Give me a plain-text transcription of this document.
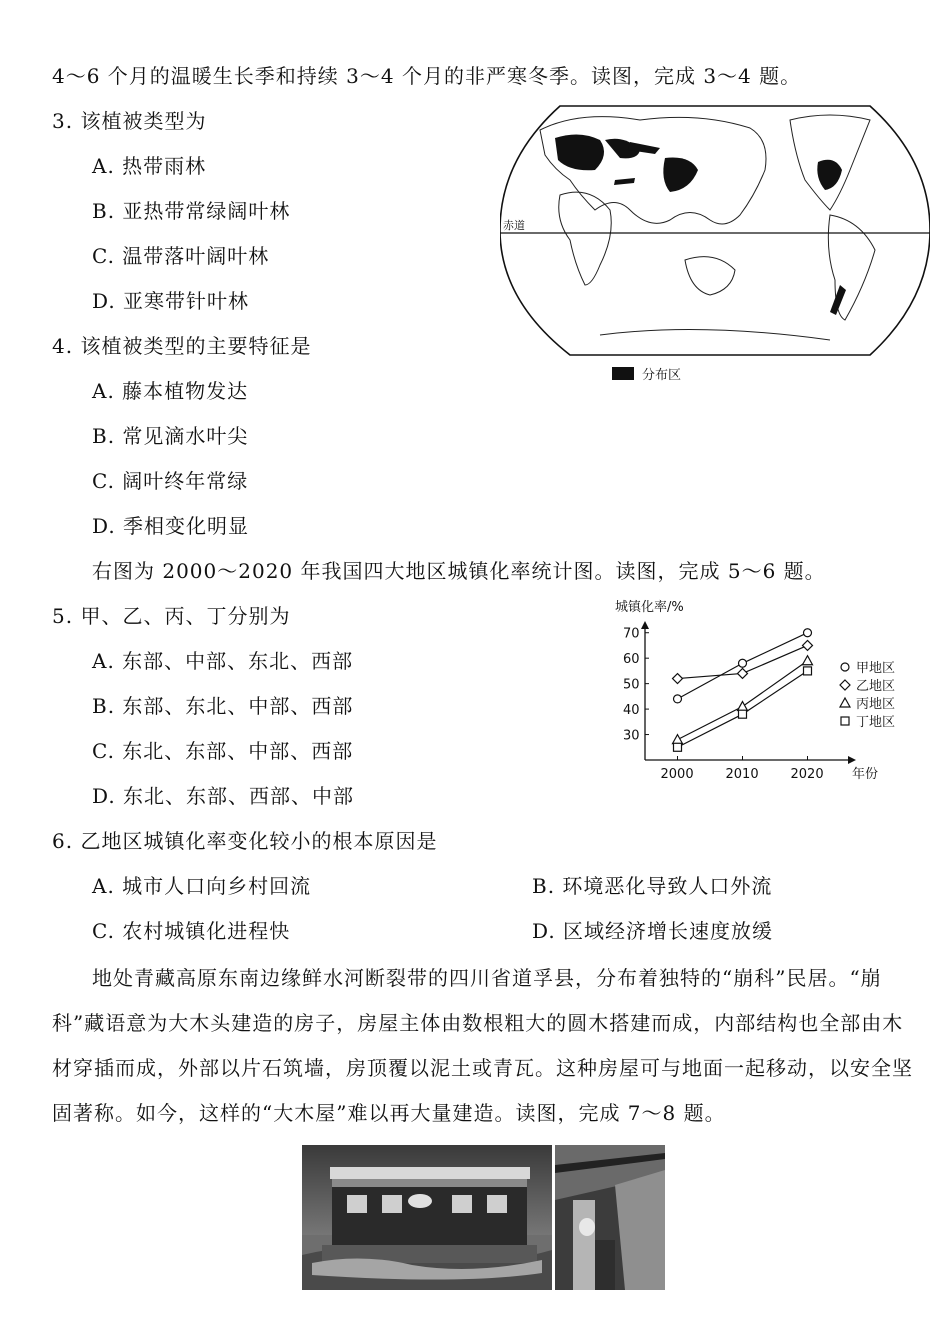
4～6 个月的温暖生长季和持续 3～4 个月的非严寒冬季。读图，完成 3～4 题。
3. 该植被类型为
A. 热带雨林
B. 亚热带常绿阔叶林
C. 温带落叶阔叶林
D. 亚寒带针叶林
4. 该植被类型的主要特征是
A. 藤本植物发达
B. 常见滴水叶尖
C. 阔叶终年常绿
D. 季相变化明显
赤道
分布区
右图为 2000～2020 年我国四大地区城镇化率统计图。读图，完成 5～6 题。
5. 甲、乙、丙、丁分别为
A. 东部、中部、东北、西部
B. 东部、东北、中部、西部
C. 东北、东部、中部、西部
D. 东北、东部、西部、中部
城镇化率/%
30
40
50
60
70
2000 2010 2020
甲地区
乙地区
丙地区
丁地区
年份
6. 乙地区城镇化率变化较小的根本原因是
A. 城市人口向乡村回流	B. 环境恶化导致人口外流
C. 农村城镇化进程快	D. 区域经济增长速度放缓
地处青藏高原东南边缘鲜水河断裂带的四川省道孚县，分布着独特的“崩科”民居。“崩
科”藏语意为大木头建造的房子，房屋主体由数根粗大的圆木搭建而成，内部结构也全部由木
材穿插而成，外部以片石筑墙，房顶覆以泥土或青瓦。这种房屋可与地面一起移动，以安全坚
固著称。如今，这样的“大木屋”难以再大量建造。读图，完成 7～8 题。
